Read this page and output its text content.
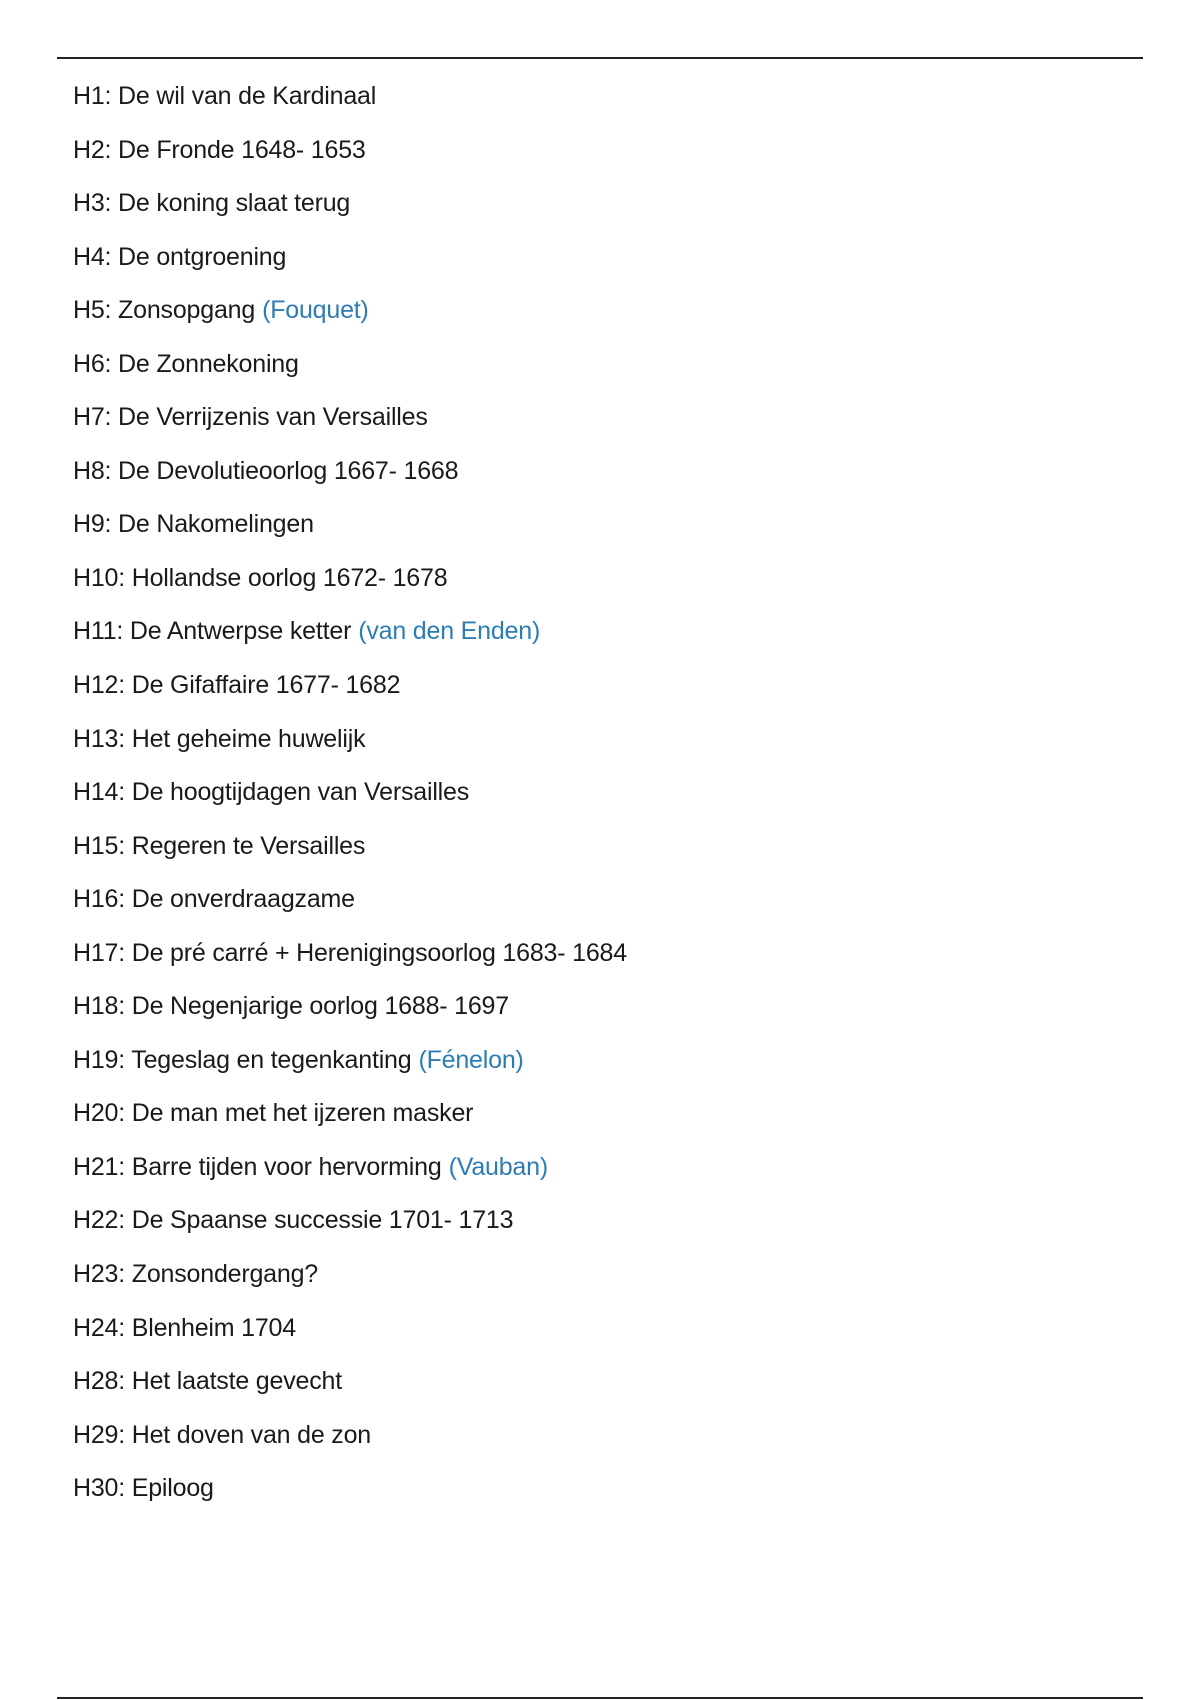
H1: De wil van de Kardinaal
H2: De Fronde 1648- 1653
H3: De koning slaat terug
H4: De ontgroening
H5: Zonsopgang (Fouquet)
H6: De Zonnekoning
H7: De Verrijzenis van Versailles
H8: De Devolutieoorlog 1667- 1668
H9: De Nakomelingen
H10: Hollandse oorlog 1672- 1678
H11: De Antwerpse ketter (van den Enden)
H12: De Gifaffaire 1677- 1682
H13: Het geheime huwelijk
H14: De hoogtijdagen van Versailles
H15: Regeren te Versailles
H16: De onverdraagzame
H17: De pré carré + Herenigingsoorlog 1683- 1684
H18: De Negenjarige oorlog 1688- 1697
H19: Tegeslag en tegenkanting (Fénelon)
H20: De man met het ijzeren masker
H21: Barre tijden voor hervorming (Vauban)
H22: De Spaanse successie 1701- 1713
H23: Zonsondergang?
H24: Blenheim 1704
H28: Het laatste gevecht
H29: Het doven van de zon
H30: Epiloog
